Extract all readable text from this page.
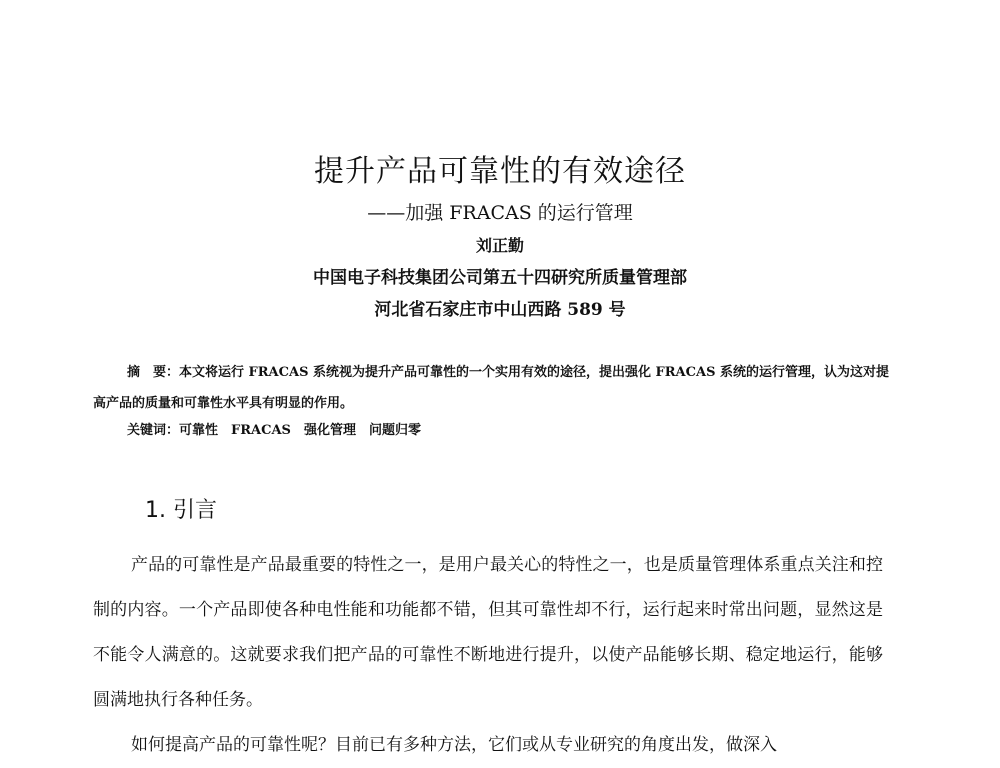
提升产品可靠性的有效途径
——加强 FRACAS 的运行管理
刘正勤
中国电子科技集团公司第五十四研究所质量管理部
河北省石家庄市中山西路 589 号

摘　要：本文将运行 FRACAS 系统视为提升产品可靠性的一个实用有效的途径，提出强化 FRACAS 系统的运行管理，认为这对提高产品的质量和可靠性水平具有明显的作用。

关键词：可靠性　FRACAS　强化管理　问题归零
1. 引言

产品的可靠性是产品最重要的特性之一，是用户最关心的特性之一，也是质量管理体系重点关注和控制的内容。一个产品即使各种电性能和功能都不错，但其可靠性却不行，运行起来时常出问题，显然这是不能令人满意的。这就要求我们把产品的可靠性不断地进行提升，以使产品能够长期、稳定地运行，能够圆满地执行各种任务。

如何提高产品的可靠性呢？目前已有多种方法，它们或从专业研究的角度出发，做深入
